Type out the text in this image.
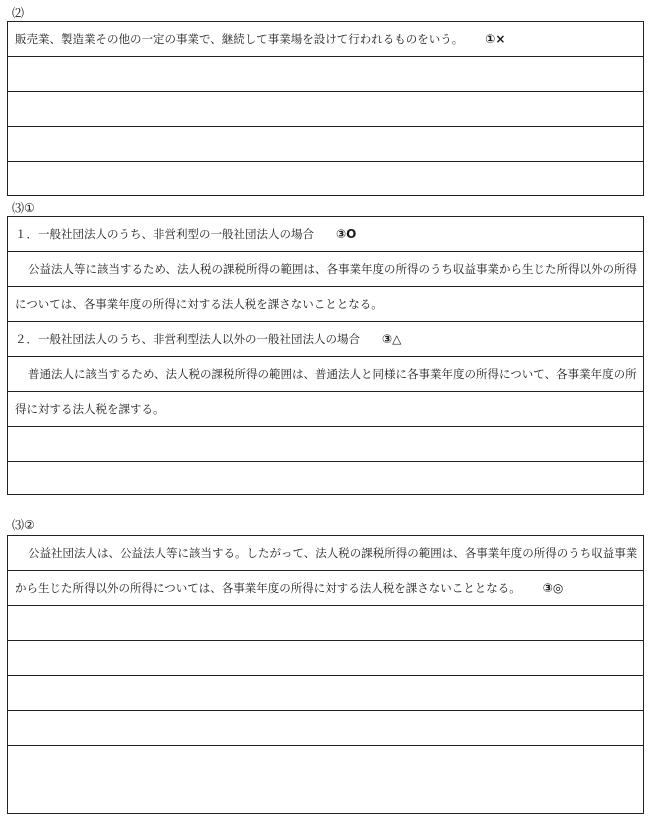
⑵
販売業、製造業その他の一定の事業で、継続して事業場を設けて行われるものをいう。 ①×
⑶①
１．一般社団法人のうち、非営利型の一般社団法人の場合 ③O
公益法人等に該当するため、法人税の課税所得の範囲は、各事業年度の所得のうち収益事業から生じた所得以外の所得
については、各事業年度の所得に対する法人税を課さないこととなる。
２．一般社団法人のうち、非営利型法人以外の一般社団法人の場合 ③△
普通法人に該当するため、法人税の課税所得の範囲は、普通法人と同様に各事業年度の所得について、各事業年度の所
得に対する法人税を課する。
⑶②
公益社団法人は、公益法人等に該当する。したがって、法人税の課税所得の範囲は、各事業年度の所得のうち収益事業
から生じた所得以外の所得については、各事業年度の所得に対する法人税を課さないこととなる。 ③◎
